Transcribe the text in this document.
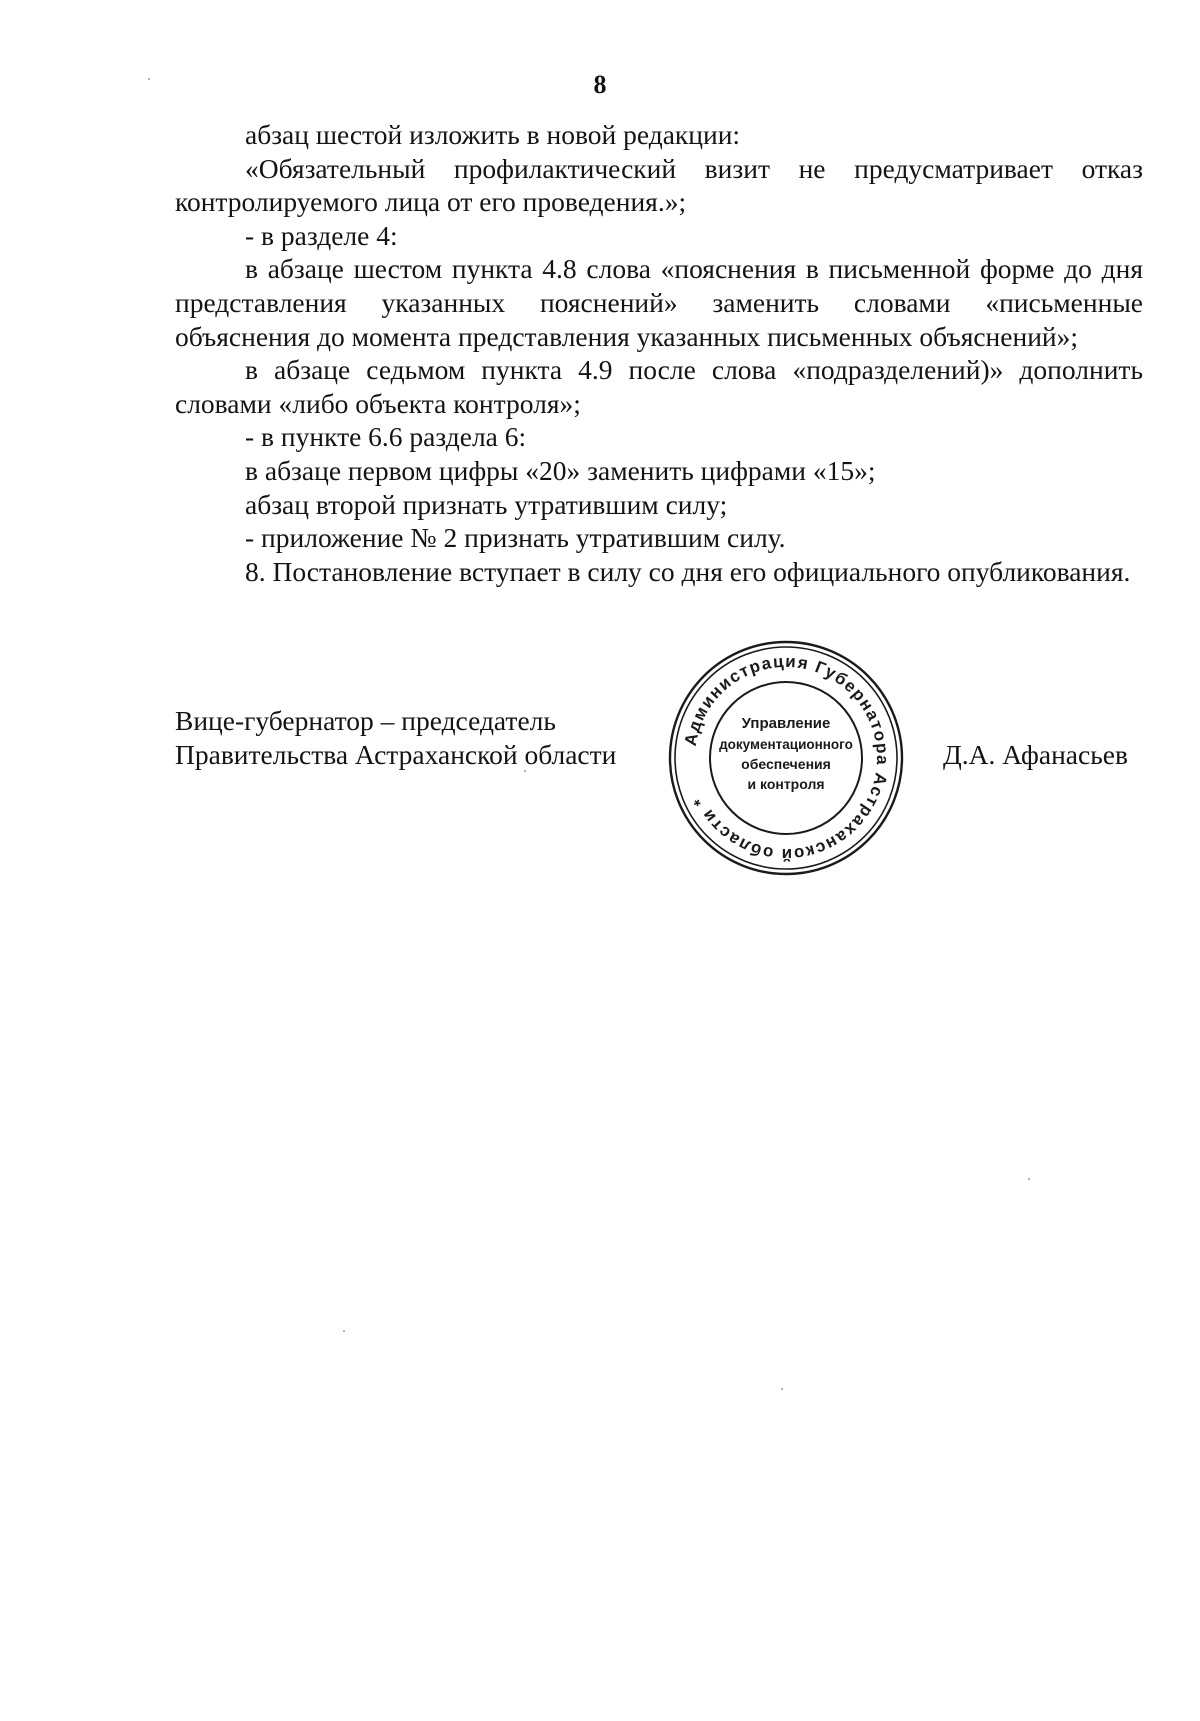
8

абзац шестой изложить в новой редакции:

«Обязательный профилактический визит не предусматривает отказ контролируемого лица от его проведения.»;

- в разделе 4:

в абзаце шестом пункта 4.8 слова «пояснения в письменной форме до дня представления указанных пояснений» заменить словами «письменные объяснения до момента представления указанных письменных объяснений»;

в абзаце седьмом пункта 4.9 после слова «подразделений)» дополнить словами «либо объекта контроля»;

- в пункте 6.6 раздела 6:

в абзаце первом цифры «20» заменить цифрами «15»;

абзац второй признать утратившим силу;

- приложение № 2 признать утратившим силу.

8. Постановление вступает в силу со дня его официального опубликования.

Вице-губернатор – председатель
Правительства Астраханской области
Администрация Губернатора Астраханской области *
Управление
документационного
обеспечения
и контроля
Д.А. Афанасьев
